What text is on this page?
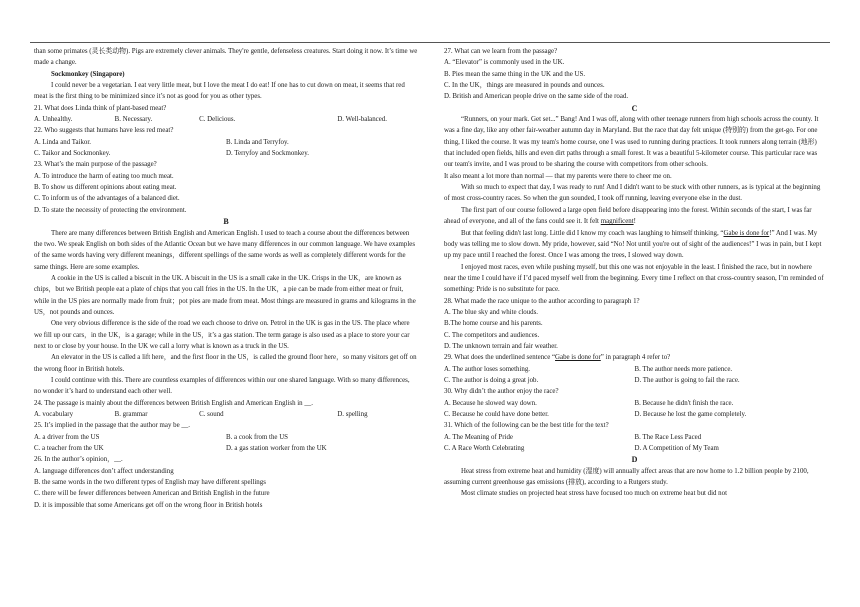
than some primates (灵长类动物). Pigs are extremely clever animals. They're gentle, defenseless creatures. Start doing it now. It’s time we made a change.

Sockmonkey (Singapore)

I could never be a vegetarian. I eat very little meat, but I love the meat I do eat! If one has to cut down on meat, it seems that red meat is the first thing to be minimized since it’s not as good for you as other types.

21. What does Linda think of plant-based meat?

A. Unhealthy.	B. Necessary.	C. Delicious.	D. Well-balanced.

22. Who suggests that humans have less red meat?

A. Linda and Taikor.	B. Linda and Terryfoy.
C. Taikor and Sockmonkey.	D. Terryfoy and Sockmonkey.

23. What’s the main purpose of the passage?

A. To introduce the harm of eating too much meat.

B. To show us different opinions about eating meat.

C. To inform us of the advantages of a balanced diet.

D. To state the necessity of protecting the environment.

B

There are many differences between British English and American English. I used to teach a course about the differences between the two. We speak English on both sides of the Atlantic Ocean but we have many differences in our common language. We have examples of the same words having very different meanings，different spellings of the same words as well as completely different words for the same things. Here are some examples.

A cookie in the US is called a biscuit in the UK. A biscuit in the US is a small cake in the UK. Crisps in the UK，are known as chips，but we British people eat a plate of chips that you call fries in the US. In the UK，a pie can be made from either meat or fruit, while in the US pies are normally made from fruit；pot pies are made from meat. Most things are measured in grams and kilograms in the US，not pounds and ounces.

One very obvious difference is the side of the road we each choose to drive on. Petrol in the UK is gas in the US. The place where we fill up our cars，in the UK，is a garage; while in the US，it’s a gas station. The term garage is also used as a place to store your car next to or close by your house. In the UK we call a lorry what is known as a truck in the US.

An elevator in the US is called a lift here，and the first floor in the US，is called the ground floor here，so many visitors get off on the wrong floor in British hotels.

I could continue with this. There are countless examples of differences within our one shared language. With so many differences, no wonder it’s hard to understand each other well.

24. The passage is mainly about the differences between British English and American English in __.

A. vocabulary	B. grammar	C. sound	D. spelling

25. It’s implied in the passage that the author may be __.

A. a driver from the US	B. a cook from the US
C. a teacher from the UK	D. a gas station worker from the UK

26. In the author’s opinion，__.

A. language differences don’t affect understanding

B. the same words in the two different types of English may have different spellings

C. there will be fewer differences between American and British English in the future

D. it is impossible that some Americans get off on the wrong floor in British hotels

27. What can we learn from the passage?

A. “Elevator” is commonly used in the UK.

B. Pies mean the same thing in the UK and the US.

C. In the UK，things are measured in pounds and ounces.

D. British and American people drive on the same side of the road.

C

“Runners, on your mark. Get set...” Bang! And I was off, along with other teenage runners from high schools across the county. It was a fine day, like any other fair-weather autumn day in Maryland. But the race that day felt unique (特别的) from the get-go. For one thing, I liked the course. It was my team's home course, one I was used to running during practices. It took runners along terrain (地形) that included open fields, hills and even dirt paths through a small forest. It was a beautiful 5-kilometer course. This particular race was our team's invite, and I was proud to be sharing the course with competitors from other schools.

It also meant a lot more than normal — that my parents were there to cheer me on.

With so much to expect that day, I was ready to run! And I didn't want to be stuck with other runners, as is typical at the beginning of most cross-country races. So when the gun sounded, I took off running, leaving everyone else in the dust.

The first part of our course followed a large open field before disappearing into the forest. Within seconds of the start, I was far ahead of everyone, and all of the fans could see it. It felt magnificent!

But that feeling didn't last long. Little did I know my coach was laughing to himself thinking, “Gabe is done for!” And I was. My body was telling me to slow down. My pride, however, said “No! Not until you're out of sight of the audiences!” I was in pain, but I kept up my pace until I reached the forest. Once I was among the trees, I slowed way down.

I enjoyed most races, even while pushing myself, but this one was not enjoyable in the least. I finished the race, but in nowhere near the time I could have if I’d paced myself well from the beginning. Every time I reflect on that cross-country season, I’m reminded of something: Pride is no substitute for pace.

28. What made the race unique to the author according to paragraph 1?

A. The blue sky and white clouds.

B.The home course and his parents.

C. The competitors and audiences.

D. The unknown terrain and fair weather.

29. What does the underlined sentence “Gabe is done for” in paragraph 4 refer to?

A. The author loses something.	B. The author needs more patience.
C. The author is doing a great job.	D. The author is going to fail the race.

30. Why didn’t the author enjoy the race?

A. Because he slowed way down.	B. Because he didn't finish the race.
C. Because he could have done better.	D. Because he lost the game completely.

31. Which of the following can be the best title for the text?

A. The Meaning of Pride	B. The Race Less Paced
C. A Race Worth Celebrating	D. A Competition of My Team

D

Heat stress from extreme heat and humidity (湿度) will annually affect areas that are now home to 1.2 billion people by 2100, assuming current greenhouse gas emissions (排放), according to a Rutgers study.

Most climate studies on projected heat stress have focused too much on extreme heat but did not
